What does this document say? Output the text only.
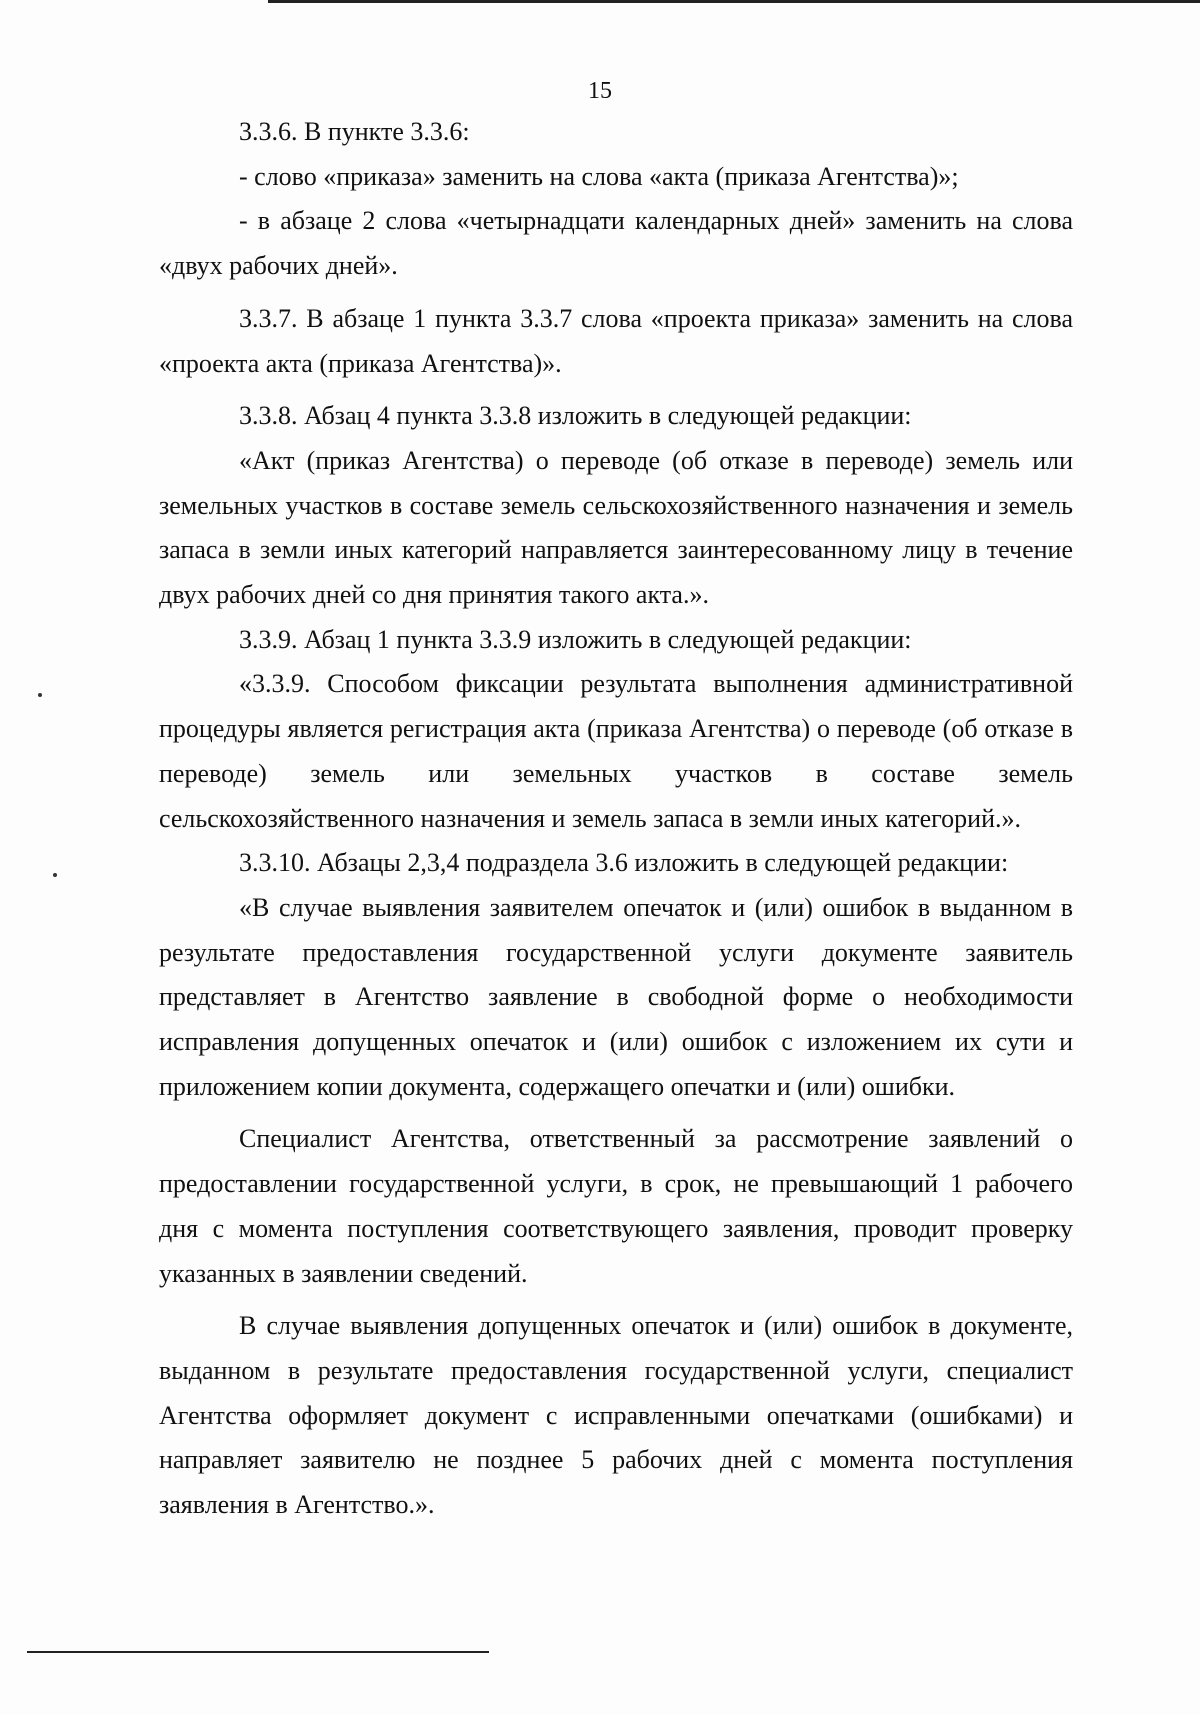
15

3.3.6. В пункте 3.3.6:

- слово «приказа» заменить на слова «акта (приказа Агентства)»;

- в абзаце 2 слова «четырнадцати календарных дней» заменить на слова «двух рабочих дней».

3.3.7. В абзаце 1 пункта 3.3.7 слова «проекта приказа» заменить на слова «проекта акта (приказа Агентства)».

3.3.8. Абзац 4 пункта 3.3.8 изложить в следующей редакции:

«Акт (приказ Агентства) о переводе (об отказе в переводе) земель или земельных участков в составе земель сельскохозяйственного назначения и земель запаса в земли иных категорий направляется заинтересованному лицу в течение двух рабочих дней со дня принятия такого акта.».

3.3.9. Абзац 1 пункта 3.3.9 изложить в следующей редакции:

«3.3.9. Способом фиксации результата выполнения административной процедуры является регистрация акта (приказа Агентства) о переводе (об отказе в переводе) земель или земельных участков в составе земель сельскохозяйственного назначения и земель запаса в земли иных категорий.».

3.3.10. Абзацы 2,3,4 подраздела 3.6 изложить в следующей редакции:

«В случае выявления заявителем опечаток и (или) ошибок в выданном в результате предоставления государственной услуги документе заявитель представляет в Агентство заявление в свободной форме о необходимости исправления допущенных опечаток и (или) ошибок с изложением их сути и приложением копии документа, содержащего опечатки и (или) ошибки.

Специалист Агентства, ответственный за рассмотрение заявлений о предоставлении государственной услуги, в срок, не превышающий 1 рабочего дня с момента поступления соответствующего заявления, проводит проверку указанных в заявлении сведений.

В случае выявления допущенных опечаток и (или) ошибок в документе, выданном в результате предоставления государственной услуги, специалист Агентства оформляет документ с исправленными опечатками (ошибками) и направляет заявителю не позднее 5 рабочих дней с момента поступления заявления в Агентство.».
